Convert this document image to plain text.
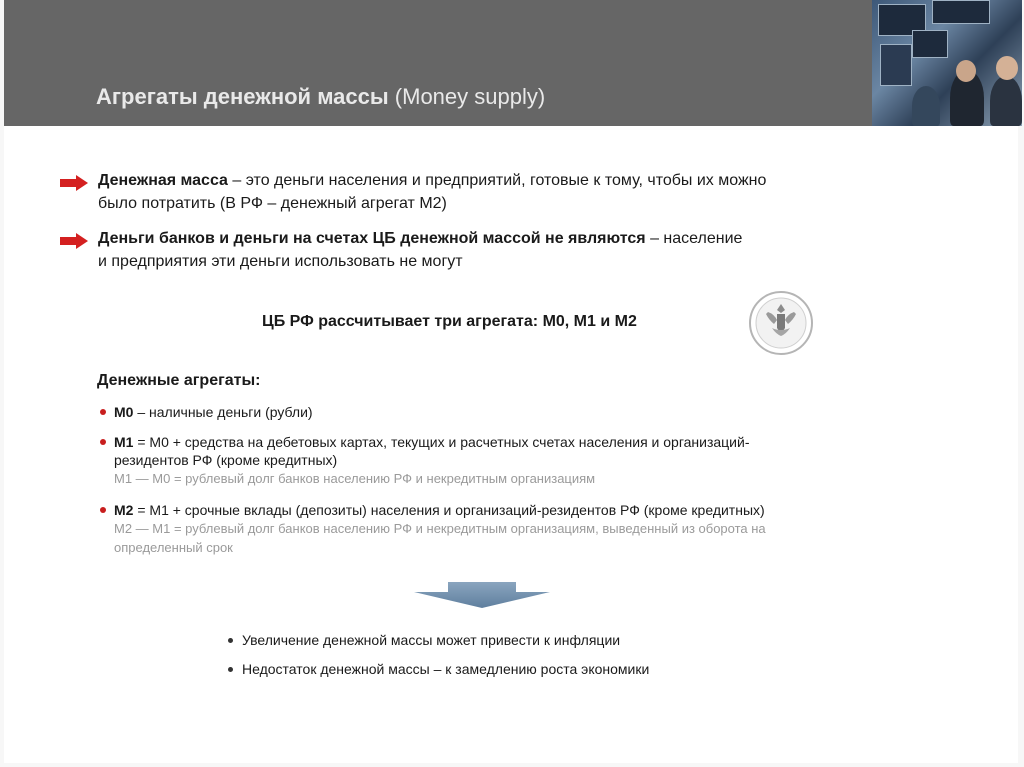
Агрегаты денежной массы (Money supply)
Денежная масса – это деньги населения и предприятий, готовые к тому, чтобы их можно
было потратить (В РФ – денежный агрегат М2)
Деньги банков и деньги на счетах ЦБ денежной массой не являются – население
и предприятия эти деньги использовать не могут
ЦБ РФ рассчитывает три агрегата: М0, М1 и М2
Денежные агрегаты:
М0 – наличные деньги (рубли)
М1 = М0 + средства на дебетовых картах, текущих и расчетных счетах населения и организаций-
резидентов РФ (кроме кредитных)
М1 — М0 = рублевый долг банков населению РФ и некредитным организациям
М2 = М1 + срочные вклады (депозиты) населения и организаций-резидентов РФ (кроме кредитных)
М2 — М1 = рублевый долг банков населению РФ и некредитным организациям, выведенный из оборота на
определенный срок
Увеличение денежной массы может привести к инфляции
Недостаток денежной массы – к замедлению роста экономики
